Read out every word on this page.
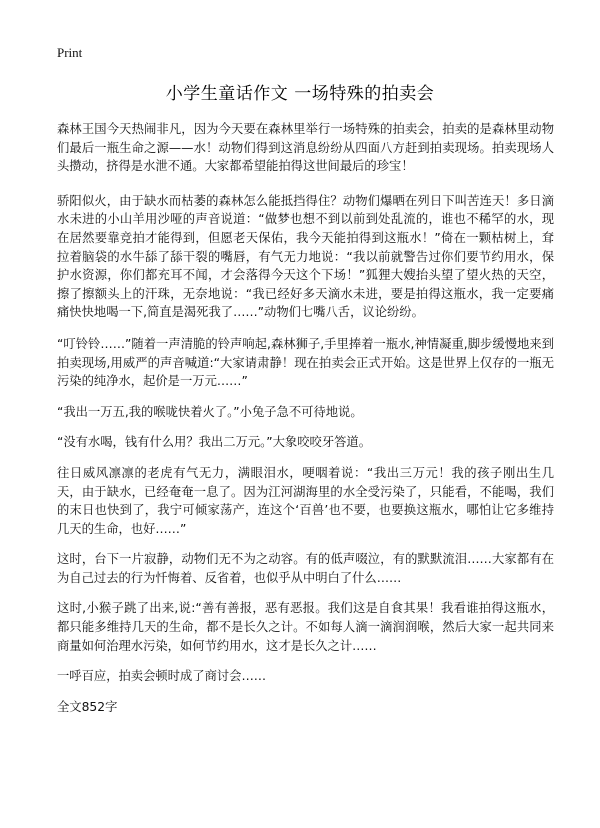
Print
小学生童话作文 一场特殊的拍卖会

森林王国今天热闹非凡，因为今天要在森林里举行一场特殊的拍卖会，拍卖的是森林里动物们最后一瓶生命之源——水！动物们得到这消息纷纷从四面八方赶到拍卖现场。拍卖现场人头攒动，挤得是水泄不通。大家都希望能拍得这世间最后的珍宝！

骄阳似火，由于缺水而枯萎的森林怎么能抵挡得住？动物们爆晒在列日下叫苦连天！多日滴水未进的小山羊用沙哑的声音说道：“做梦也想不到以前到处乱流的，谁也不稀罕的水，现在居然要靠竞拍才能得到，但愿老天保佑，我今天能拍得到这瓶水！”倚在一颗枯树上，耷拉着脑袋的水牛舔了舔干裂的嘴唇，有气无力地说：“我以前就警告过你们要节约用水，保护水资源，你们都充耳不闻，才会落得今天这个下场！”狐狸大嫂抬头望了望火热的天空，擦了擦额头上的汗珠，无奈地说：“我已经好多天滴水未进，要是拍得这瓶水，我一定要痛痛快快地喝一下,简直是渴死我了……”动物们七嘴八舌，议论纷纷。

“叮铃铃……”随着一声清脆的铃声响起,森林狮子,手里捧着一瓶水,神情凝重,脚步缓慢地来到拍卖现场,用威严的声音喊道:“大家请肃静！现在拍卖会正式开始。这是世界上仅存的一瓶无污染的纯净水，起价是一万元……”

“我出一万五,我的喉咙快着火了。”小兔子急不可待地说。

“没有水喝，钱有什么用？我出二万元。”大象咬咬牙答道。

往日威风凛凛的老虎有气无力，满眼泪水，哽咽着说：“我出三万元！我的孩子刚出生几天，由于缺水，已经奄奄一息了。因为江河湖海里的水全受污染了，只能看，不能喝，我们的末日也快到了，我宁可倾家荡产，连这个‘百兽’也不要，也要换这瓶水，哪怕让它多维持几天的生命，也好……”

这时，台下一片寂静，动物们无不为之动容。有的低声啜泣，有的默默流泪……大家都有在为自己过去的行为忏悔着、反省着，也似乎从中明白了什么……

这时,小猴子跳了出来,说:“善有善报，恶有恶报。我们这是自食其果！我看谁拍得这瓶水，都只能多维持几天的生命，都不是长久之计。不如每人滴一滴润润喉，然后大家一起共同来商量如何治理水污染，如何节约用水，这才是长久之计……

一呼百应，拍卖会顿时成了商讨会……

全文852字
